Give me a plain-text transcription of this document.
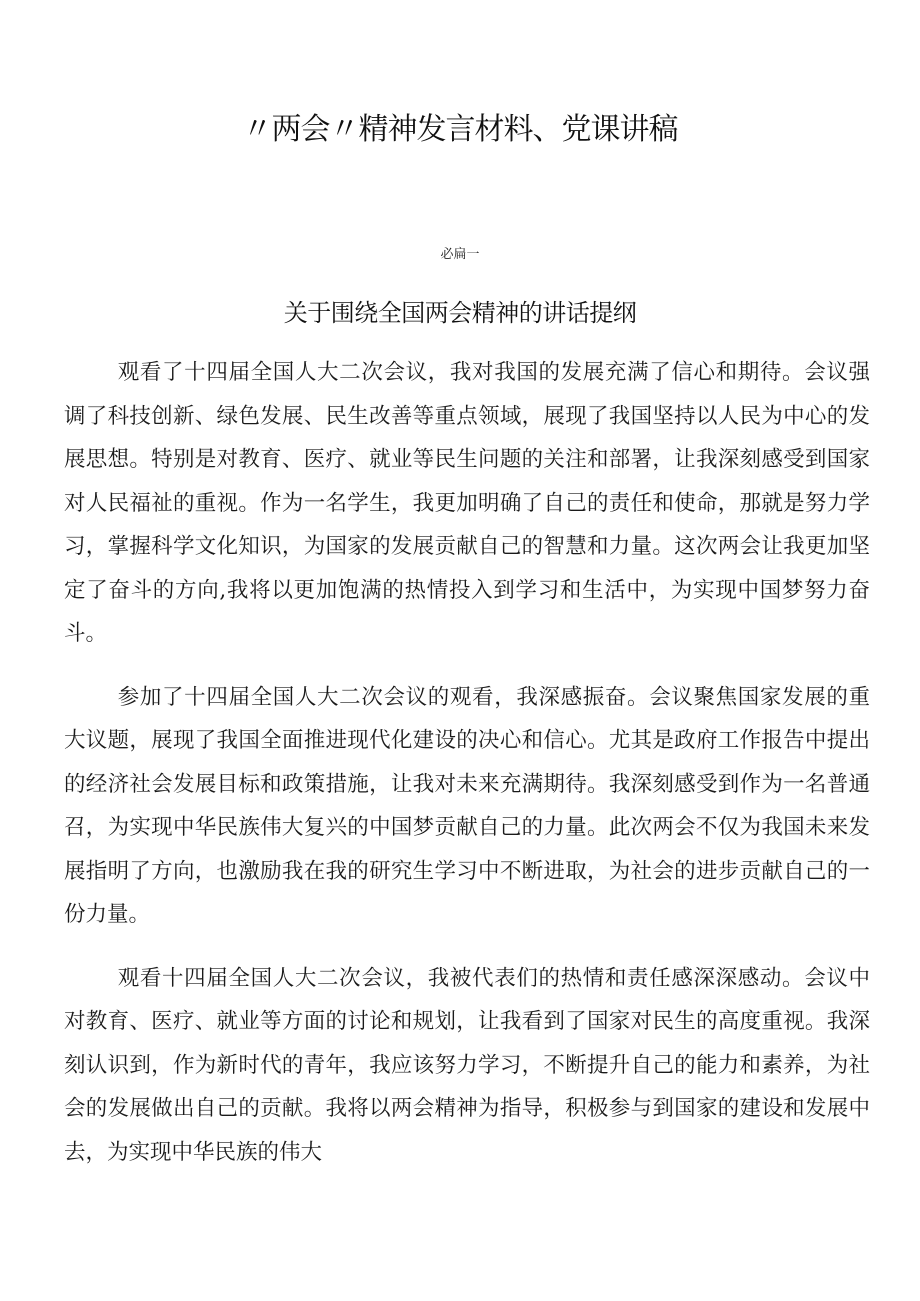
〃两会〃精神发言材料、党课讲稿
必扁一
关于围绕全国两会精神的讲话提纲

观看了十四届全国人大二次会议，我对我国的发展充满了信心和期待。会议强调了科技创新、绿色发展、民生改善等重点领域，展现了我国坚持以人民为中心的发展思想。特别是对教育、医疗、就业等民生问题的关注和部署，让我深刻感受到国家对人民福祉的重视。作为一名学生，我更加明确了自己的责任和使命，那就是努力学习，掌握科学文化知识，为国家的发展贡献自己的智慧和力量。这次两会让我更加坚定了奋斗的方向,我将以更加饱满的热情投入到学习和生活中，为实现中国梦努力奋斗。

参加了十四届全国人大二次会议的观看，我深感振奋。会议聚焦国家发展的重大议题，展现了我国全面推进现代化建设的决心和信心。尤其是政府工作报告中提出的经济社会发展目标和政策措施，让我对未来充满期待。我深刻感受到作为一名普通召，为实现中华民族伟大复兴的中国梦贡献自己的力量。此次两会不仅为我国未来发展指明了方向，也激励我在我的研究生学习中不断进取，为社会的进步贡献自己的一份力量。

观看十四届全国人大二次会议，我被代表们的热情和责任感深深感动。会议中对教育、医疗、就业等方面的讨论和规划，让我看到了国家对民生的高度重视。我深刻认识到，作为新时代的青年，我应该努力学习，不断提升自己的能力和素养，为社会的发展做出自己的贡献。我将以两会精神为指导，积极参与到国家的建设和发展中去，为实现中华民族的伟大
